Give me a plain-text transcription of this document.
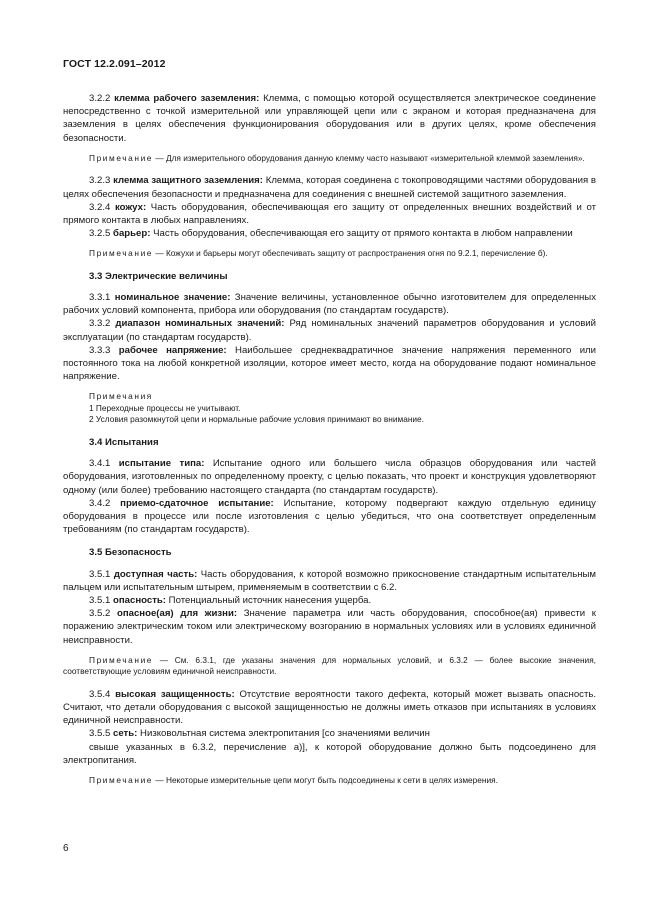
ГОСТ 12.2.091–2012

3.2.2 клемма рабочего заземления: Клемма, с помощью которой осуществляется электрическое соединение непосредственно с точкой измерительной или управляющей цепи или с экраном и которая предназначена для заземления в целях обеспечения функционирования оборудования или в других целях, кроме обеспечения безопасности.

Примечание — Для измерительного оборудования данную клемму часто называют «измерительной клеммой заземления».

3.2.3 клемма защитного заземления: Клемма, которая соединена с токопроводящими частями оборудования в целях обеспечения безопасности и предназначена для соединения с внешней системой защитного заземления.

3.2.4 кожух: Часть оборудования, обеспечивающая его защиту от определенных внешних воздействий и от прямого контакта в любых направлениях.

3.2.5 барьер: Часть оборудования, обеспечивающая его защиту от прямого контакта в любом направлении

Примечание — Кожухи и барьеры могут обеспечивать защиту от распространения огня по 9.2.1, перечисление б).
3.3 Электрические величины

3.3.1 номинальное значение: Значение величины, установленное обычно изготовителем для определенных рабочих условий компонента, прибора или оборудования (по стандартам государств).

3.3.2 диапазон номинальных значений: Ряд номинальных значений параметров оборудования и условий эксплуатации (по стандартам государств).

3.3.3 рабочее напряжение: Наибольшее среднеквадратичное значение напряжения переменного или постоянного тока на любой конкретной изоляции, которое имеет место, когда на оборудование подают номинальное напряжение.

Примечания
1 Переходные процессы не учитывают.
2 Условия разомкнутой цепи и нормальные рабочие условия принимают во внимание.
3.4 Испытания

3.4.1 испытание типа: Испытание одного или большего числа образцов оборудования или частей оборудования, изготовленных по определенному проекту, с целью показать, что проект и конструкция удовлетворяют одному (или более) требованию настоящего стандарта (по стандартам государств).

3.4.2 приемо-сдаточное испытание: Испытание, которому подвергают каждую отдельную единицу оборудования в процессе или после изготовления с целью убедиться, что она соответствует определенным требованиям (по стандартам государств).

3.5 Безопасность

3.5.1 доступная часть: Часть оборудования, к которой возможно прикосновение стандартным испытательным пальцем или испытательным штырем, применяемым в соответствии с 6.2.

3.5.1 опасность: Потенциальный источник нанесения ущерба.

3.5.2 опасное(ая) для жизни: Значение параметра или часть оборудования, способное(ая) привести к поражению электрическим током или электрическому возгоранию в нормальных условиях или в условиях единичной неисправности.

Примечание — См. 6.3.1, где указаны значения для нормальных условий, и 6.3.2 — более высокие значения, соответствующие условиям единичной неисправности.

3.5.4 высокая защищенность: Отсутствие вероятности такого дефекта, который может вызвать опасность. Считают, что детали оборудования с высокой защищенностью не должны иметь отказов при испытаниях в условиях единичной неисправности.

3.5.5 сеть: Низковольтная система электропитания [со значениями величин

свыше указанных в 6.3.2, перечисление а)], к которой оборудование должно быть подсоединено для электропитания.

Примечание — Некоторые измерительные цепи могут быть подсоединены к сети в целях измерения.
6
